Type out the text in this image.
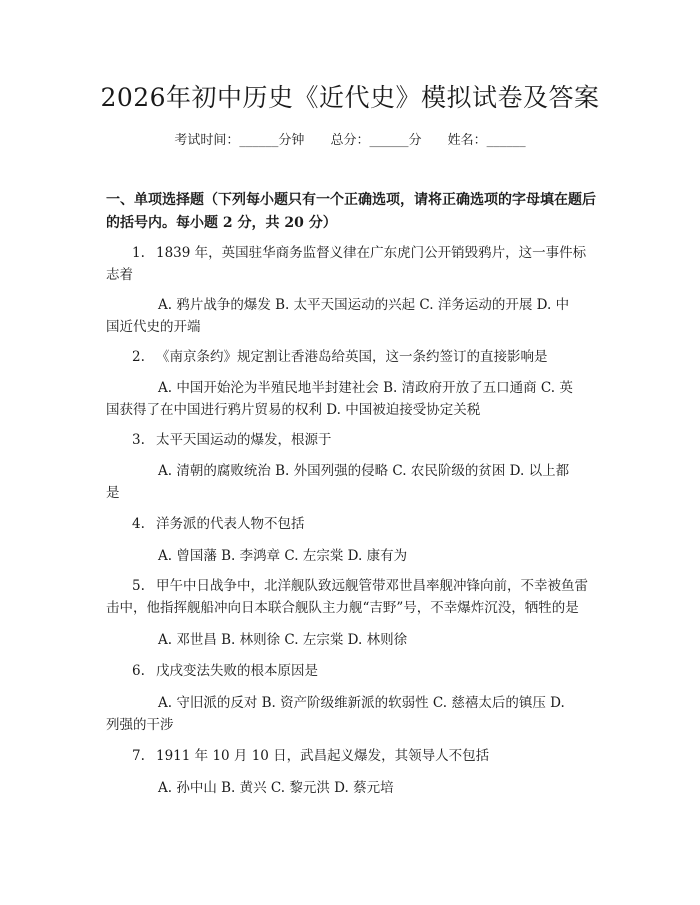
2026年初中历史《近代史》模拟试卷及答案
考试时间：______分钟 总分：______分 姓名：______
一、单项选择题（下列每小题只有一个正确选项，请将正确选项的字母填在题后
的括号内。每小题 2 分，共 20 分）
1. 1839 年，英国驻华商务监督义律在广东虎门公开销毁鸦片，这一事件标
志着
A. 鸦片战争的爆发 B. 太平天国运动的兴起 C. 洋务运动的开展 D. 中
国近代史的开端
2. 《南京条约》规定割让香港岛给英国，这一条约签订的直接影响是
A. 中国开始沦为半殖民地半封建社会 B. 清政府开放了五口通商 C. 英
国获得了在中国进行鸦片贸易的权利 D. 中国被迫接受协定关税
3. 太平天国运动的爆发，根源于
A. 清朝的腐败统治 B. 外国列强的侵略 C. 农民阶级的贫困 D. 以上都
是
4. 洋务派的代表人物不包括
A. 曾国藩 B. 李鸿章 C. 左宗棠 D. 康有为
5. 甲午中日战争中，北洋舰队致远舰管带邓世昌率舰冲锋向前，不幸被鱼雷
击中，他指挥舰船冲向日本联合舰队主力舰“吉野”号，不幸爆炸沉没，牺牲的是
A. 邓世昌 B. 林则徐 C. 左宗棠 D. 林则徐
6. 戊戌变法失败的根本原因是
A. 守旧派的反对 B. 资产阶级维新派的软弱性 C. 慈禧太后的镇压 D.
列强的干涉
7. 1911 年 10 月 10 日，武昌起义爆发，其领导人不包括
A. 孙中山 B. 黄兴 C. 黎元洪 D. 蔡元培
